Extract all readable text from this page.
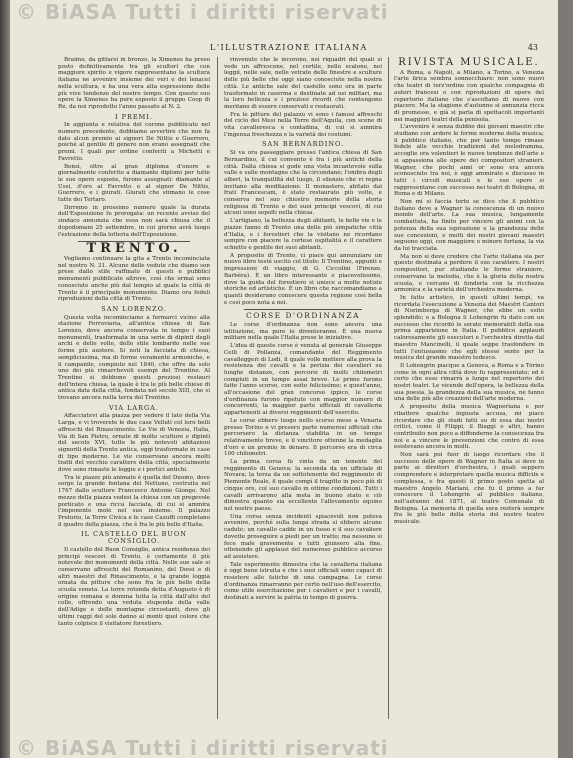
© BiASA Tutti i diritti riservati
L'ILLUSTRAZIONE ITALIANA	43

Braimo, da gittarsi in bronzo, la Ximenes ha preso posto definitivamente tra gli scultori che con maggiore spirito e vigore rappresentano la scultura italiana ne avvenire insieme dei veri e dei lenacei nella scultura, e ha una vera alta espressione delle più vive tendenze del nostro tempo. Con questo suo opere la Ximenes ha pure esposto il gruppo Coop di Re, da noi riprodotto l'anno passato al N. 2.

I PREMI.

In aggiunta e relativa del corone pubblicato nel numero precedente, dobbiamo avvertire che non fa dato alcun premio ai signori De Nittis e Guerrero, poiché al gentile di genere non erano assegnati che premi. I quali per ordine conferiti a Michetti e Favretto.

Bensì, oltre al gran diploma d'onore e giornalmente conferito a diamante diplomi per tutte le sue opere esposte, furono assegnati: diamante al Ussi, d'oro al Favretto e al signor De Nittis, Guerrero, e i giurati. Giurati che stimano le cose tutte dei Tertaro.

Dirremo in prossimo numero quale la durata dell'Esposizione fu prorogata: un recente avviso del sindaco annunzia che essa non sarà chiusa che il dopodomani 25 settembre, in cui giorno avrà luogo l'estrazione della lotteria dell'Esposizione.

TRENTO.

Vogliamo continuare la gita a Trento incominciata nel nostro N. 31. Alcune delle vedute che diamo son prese dallo stile raffinato di questi e pubblici monumenti pubblicate altrove, così che ormai sono conosciute anche più dal tempio al quale la città di Trento è il principale monumento. Diamo ora fedeli riproduzioni della città di Trento.

SAN LORENZO.

Questa volta incominciamo a fermarci vicino alla stazione Ferroviaria, all'antica chiesa di San Lorenzo, dove ancora conservata in tempo i suoi monumenti, trasformata in una serie di dipinti degli archi e delle volte, dello stile lombardo nelle sue forme più austere. Si noti la facciata di chiesa, semplicissima, ma di forme veramente armoniche, e il campanile, compiuto nel 1840, che offre da solo uno dei più rimarchevoli esempi del Trentino. Al Trentino si debbono questi preziosi restauri dell'intera chiesa, la quale è tra le più belle chiese di antica data della città, fondata nel secolo XIII, che si trovano ancora nella terra del Trentino.

VIA LARGA.

Affacciatevi alla piazza per vedere il lato della Via Larga, e vi troverete le due case Velluti col loro belli affreschi del Rinascimento. Le Vie di Venezia, Italia, Via di San Pietro, ornate di molte sculture e dipinti del secolo XVI, tutte le più notevoli abitazioni signorili della Trento antica, oggi trasformate in case di tipo moderno. Le vie conservano ancora molti tratti del vecchio carattere della città, specialmente dove sono rimaste le loggie e i portici antichi.

Tra le piazze più animate è quella del Duomo, dove sorge la grande fontana del Nettuno, costruita nel 1767 dallo scultore Francesco Antonio Giongo. Nel mezzo della piazza vedesi la chiesa con un pregevole porticato e una ricca facciata, di cui si ammira l'imponente mole nel suo insieme. Il palazzo Pretorio, la Torre Civica e le case Cazuffi completano il quadro della piazza, che è fra le più belle d'Italia.

IL CASTELLO DEL BUON CONSIGLIO.

Il castello del Buon Consiglio, antica residenza dei principi vescovi di Trento, è certamente il più notevole dei monumenti della città. Nelle sue sale si conservano affreschi del Romanino, del Dossi e di altri maestri del Rinascimento, e la grande loggia ornata da pitture che sono fra le più belle della scuola veneta. La torre rotonda detta d'Augusto è di origine romana e domina tutta la città dall'alto del colle, offrendo una veduta stupenda della valle dell'Adige e delle montagne circostanti, dove gli ultimi raggi del sole danno ai monti quel colore che tanto colpisce il visitatore forestiero.

rinvenute che le incorono, nei riquadri del quali si vede un affrescone, nel cortile, nello scalone, nei leggii, nelle sale, nelle vetrate delle finestre e sculture delle più belle che oggi siano conosciute nella nostra città. Le antiche sale del castello sono ora in parte trasformate in caserma e destinate ad usi militari, ma la loro bellezza e i preziosi ricordi che contengono meritano di essere conservati e restaurati.

Fra le pitture del palazzo vi sono i famosi affreschi del ciclo dei Mesi nella Torre dell'Aquila, con scene di vita cavalleresca e contadina, di cui si ammira l'ingenua freschezza e la varietà dei costumi.

SAN BERNARDINO.

Si va ora passeggiare presso l'antica chiesa di San Bernardino, il cui convento è fra i più antichi della città. Dalla chiesa si gode una vista incantevole sulla valle e sulle montagne che la circondano; l'ombra degli alberi, la tranquillità del luogo, il silenzio che vi regna invitano alla meditazione. Il monastero, abitato dai frati Francescani, è stato restaurato più volte, e conserva nel suo chiostro memorie della storia religiosa di Trento e dei suoi principi vescovi, di cui alcuni sono sepolti nella chiesa.

L'artigiano, la bellezza degli abitanti, le belle vie e le piazze fanno di Trento una delle più simpatiche città d'Italia, e i forestieri che la visitano ne ricordano sempre con piacere la cortese ospitalità e il carattere schietto e gentile dei suoi abitanti.

A proposito di Trento, ci piace qui annunziare un nuovo libro testé uscito col titolo: Il Trentino, appunti e impressioni di viaggio, di G. Ciccolini (Firenze, Barbèra). È un libro interessante e piacevolissimo, dove la guida del forestiero si unisce a molte notizie storiche ed artistiche. È un libro che raccomandiamo a quanti desiderano conoscere questa regione così bella e così poco nota a noi.

CORSE D'ORDINANZA

Le corse d'ordinanza non sono ancora una istituzione, ma pure lo diventeranno. È una nuova militare nella quale l'Italia prese le iniziative.

L'idea di queste corse è venuta al generale Giuseppe Celli di Pollanza, comandante del Reggimento cavalleggeri di Lodi, il quale volle mettere alla prova la resistenza dei cavalli e la perizia dei cavalieri su lunghe distanze, con percorsi di molti chilometri compiuti in un tempo assai breve. Le prime furono fatte l'anno scorso, con esito felicissimo; e quest'anno, all'occasione del gran concorso ippico, le corse d'ordinanza furono ripetute con maggior numero di concorrenti, la maggior parte ufficiali di cavalleria appartenenti ai diversi reggimenti dell'esercito.

Le corse ebbero luogo nello scorso mese a Venaria presso Torino e vi presero parte numerosi ufficiali che percorsero la distanza stabilita in un tempo relativamente breve, e il vincitore ottenne la medaglia d'oro e un premio in denaro. Il percorso era di circa 100 chilometri.

La prima corsa fu vinta da un tenente del reggimento di Genova; la seconda da un ufficiale di Novara; la terza da un sottotenente del reggimento di Piemonte Reale, il quale compì il tragitto in poco più di cinque ore, col suo cavallo in ottime condizioni. Tutti i cavalli arrivarono alla meta in buono stato e ciò dimostra quanto sia eccellente l'allevamento equino nel nostro paese.

Una corsa senza incidenti spiacevoli non poteva avvenire, perché sulla lunga strada si ebbero alcune cadute; un cavallo cadde in un fosso e il suo cavaliere dovette proseguire a piedi per un tratto; ma nessuno si fece male gravemente e tutti giunsero alla fine, ottenendo gli applausi del numeroso pubblico accorso ad assistere.

Tale esperimento dimostra che la cavalleria italiana è oggi bene istruita e che i suoi ufficiali sono capaci di resistere alle fatiche di una campagna. Le corse d'ordinanza rimarranno per certo nell'uso dell'esercito, come utile esercitazione per i cavalieri e per i cavalli, destinati a servire la patria in tempo di guerra.

RIVISTA MUSICALE.

A Roma, a Napoli, a Milano, a Torino, a Venezia l'arte lirica sembra sonnecchiare: non sono nuovi che teatri di terz'ordine con qualche compagnia di autori francesi o con riproduzioni di opere del repertorio italiano che s'ascoltano di nuovo con piacere. Ma la stagione d'autunno si annunzia ricca di promesse, e già si parla di spettacoli importanti nei maggiori teatri della penisola.

L'avvenire è senza dubbio dei giovani maestri che studiano con ardore le forme moderne della musica; il pubblico italiano, che per tanto tempo rimase fedele alle vecchie tradizioni del melodramma, accoglie ora volentieri le nuove tendenze dell'arte e si appassiona alle opere dei compositori stranieri. Wagner, che pochi anni or sono era ancora sconosciuto tra noi, è oggi ammirato e discusso in tutti i circoli musicali e le sue opere si rappresentano con successo nei teatri di Bologna, di Roma e di Milano.

Non mi si faccia torto se dico che il pubblico italiano deve a Wagner la conoscenza di un nuovo mondo dell'arte. La sua musica, lungamente combattuta, ha finito per vincere gli animi con la potenza della sua ispirazione e la grandezza delle sue concezioni, e molti dei nostri giovani maestri seguono oggi, con maggiore o minore fortuna, la via da lui tracciata.

Ma non si deve credere che l'arte italiana sia per questo destinata a perdere il suo carattere. I nostri compositori, pur studiando le forme straniere, conservano la melodia, che è la gloria della nostra scuola, e cercano di fonderla con la ricchezza armonica e la varietà dell'orchestra moderna.

In fatto artistico, in questi ultimi tempi, va ricordata l'esecuzione a Venezia dei Maestri Cantori di Norimberga di Wagner, che ebbe un esito splendido; e a Bologna il Lohengrin fu dato con un successo che ricordò le serate memorabili della sua prima apparizione in Italia. Il pubblico applaudì calorosamente gli esecutori e l'orchestra diretta dal maestro Mancinelli, il quale seppe trasfondere in tutti l'entusiasmo che egli stesso sente per la musica del grande maestro tedesco.

Il Lohengrin piacque a Genova, a Roma e a Torino come in ogni altra città dove fu rappresentato; ed è certo che esso rimarrà a lungo nel repertorio dei nostri teatri. Le vicende dell'opera, la bellezza della sua poesia, la grandezza della sua musica, ne fanno una delle più alte creazioni dell'arte moderna.

A proposito della musica Wagneriana e per ribattere qualche ingiusta accusa, mi piace ricordare che gli studi fatti su di essa dai nostri critici, come il Filippi, il Biaggi e altri, hanno contribuito non poco a diffonderne la conoscenza fra noi e a vincere le prevenzioni che contro di essa esistevano ancora in molti.

Non sarà poi fuor di luogo ricordare che il successo delle opere di Wagner in Italia si deve in parte ai direttori d'orchestra, i quali seppero comprendere e interpretare quella musica difficile e complessa, e fra questi il primo posto spetta al maestro Angelo Mariani, che fu il primo a far conoscere il Lohengrin al pubblico italiano, nell'autunno del 1871, al teatro Comunale di Bologna. La memoria di quella sera resterà sempre fra le più belle della storia del nostro teatro musicale.

© BiASA Tutti i diritti riservati
